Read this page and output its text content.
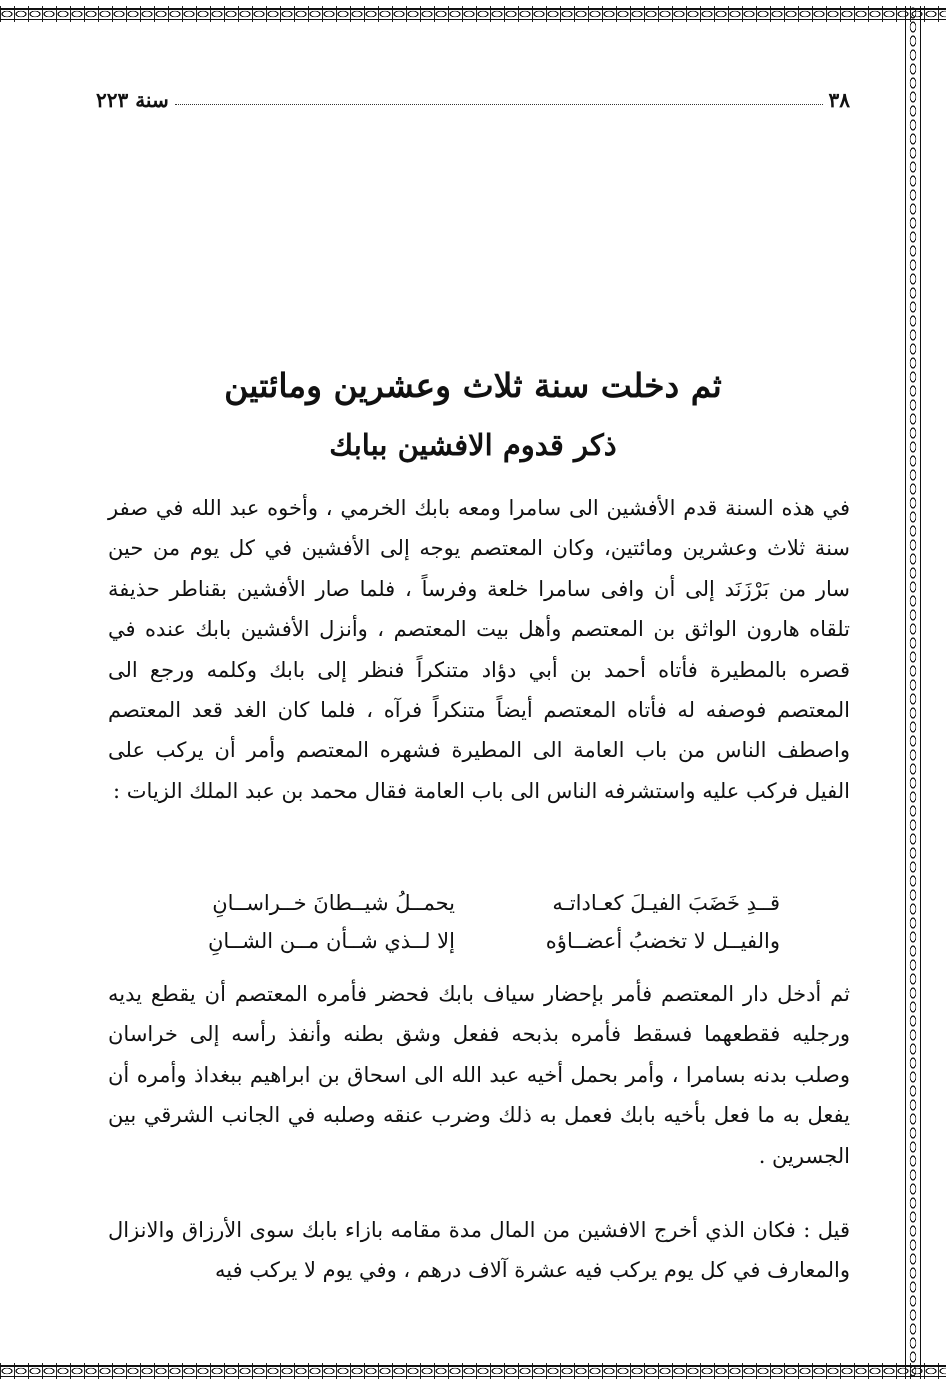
٣٨
سنة ٢٢٣
ثم دخلت سنة ثلاث وعشرين ومائتين
ذكر قدوم الافشين ببابك
في هذه السنة قدم الأفشين الى سامرا ومعه بابك الخرمي ، وأخوه عبد الله في صفر سنة ثلاث وعشرين ومائتين، وكان المعتصم يوجه إلى الأفشين في كل يوم من حين سار من بَرْزَنَد إلى أن وافى سامرا خلعة وفرساً ، فلما صار الأفشين بقناطر حذيفة تلقاه هارون الواثق بن المعتصم وأهل بيت المعتصم ، وأنزل الأفشين بابك عنده في قصره بالمطيرة فأتاه أحمد بن أبي دؤاد متنكراً فنظر إلى بابك وكلمه ورجع الى المعتصم فوصفه له فأتاه المعتصم أيضاً متنكراً فرآه ، فلما كان الغد قعد المعتصم واصطف الناس من باب العامة الى المطيرة فشهره المعتصم وأمر أن يركب على الفيل فركب عليه واستشرفه الناس الى باب العامة فقال محمد بن عبد الملك الزيات :
قــدِ خَضَبَ الفيـلَ كعـاداتـه
يحمــلُ شيــطانَ خــراســانِ
والفيــل لا تخضبُ أعضــاؤه
إلا لــذي شــأن مــن الشــانِ
ثم أدخل دار المعتصم فأمر بإحضار سياف بابك فحضر فأمره المعتصم أن يقطع يديه ورجليه فقطعهما فسقط فأمره بذبحه ففعل وشق بطنه وأنفذ رأسه إلى خراسان وصلب بدنه بسامرا ، وأمر بحمل أخيه عبد الله الى اسحاق بن ابراهيم ببغداذ وأمره أن يفعل به ما فعل بأخيه بابك فعمل به ذلك وضرب عنقه وصلبه في الجانب الشرقي بين الجسرين .
قيل : فكان الذي أخرج الافشين من المال مدة مقامه بازاء بابك سوى الأرزاق والانزال والمعارف في كل يوم يركب فيه عشرة آلاف درهم ، وفي يوم لا يركب فيه
